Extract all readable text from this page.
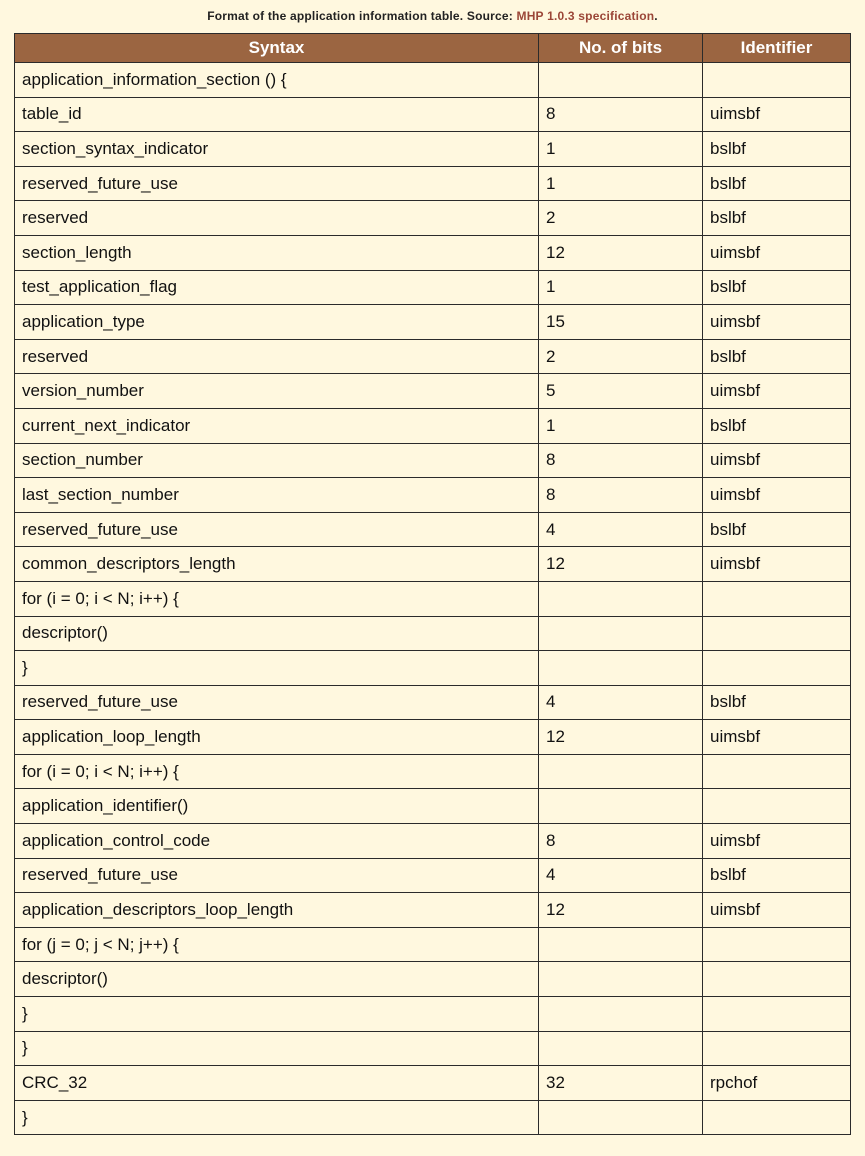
Format of the application information table. Source: MHP 1.0.3 specification.
Syntax	No. of bits	Identifier
application_information_section () {		
table_id	8	uimsbf
section_syntax_indicator	1	bslbf
reserved_future_use	1	bslbf
reserved	2	bslbf
section_length	12	uimsbf
test_application_flag	1	bslbf
application_type	15	uimsbf
reserved	2	bslbf
version_number	5	uimsbf
current_next_indicator	1	bslbf
section_number	8	uimsbf
last_section_number	8	uimsbf
reserved_future_use	4	bslbf
common_descriptors_length	12	uimsbf
for (i = 0; i < N; i++) {		
descriptor()		
}		
reserved_future_use	4	bslbf
application_loop_length	12	uimsbf
for (i = 0; i < N; i++) {		
application_identifier()		
application_control_code	8	uimsbf
reserved_future_use	4	bslbf
application_descriptors_loop_length	12	uimsbf
for (j = 0; j < N; j++) {		
descriptor()		
}		
}		
CRC_32	32	rpchof
}		
